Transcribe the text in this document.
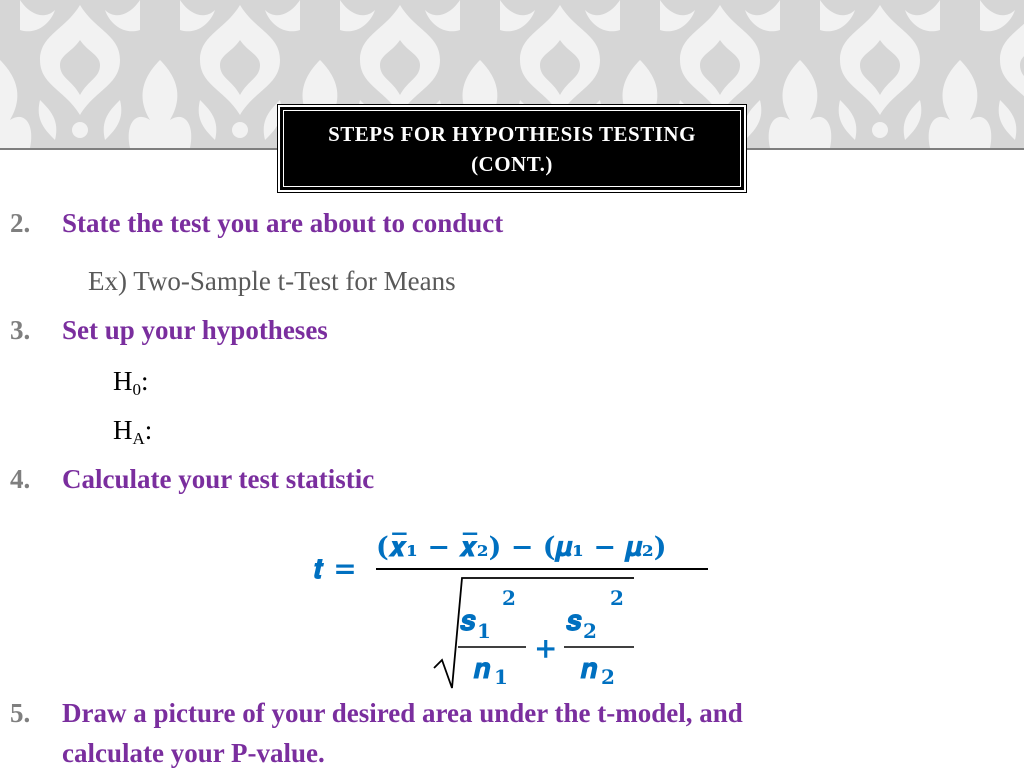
STEPS FOR HYPOTHESIS TESTING
(CONT.)
2. State the test you are about to conduct
Ex) Two-Sample t-Test for Means
3. Set up your hypotheses
$H_0$:
$H_A$:
4. Calculate your test statistic
𝒕 =
(𝒙̅₁ − 𝒙̅₂) − (𝝁₁ − 𝝁₂)
2
𝒔 𝟏
𝒏 𝟏
+
2
𝒔 𝟐
𝒏 𝟐
5. Draw a picture of your desired area under the t-model, and
calculate your P-value.
